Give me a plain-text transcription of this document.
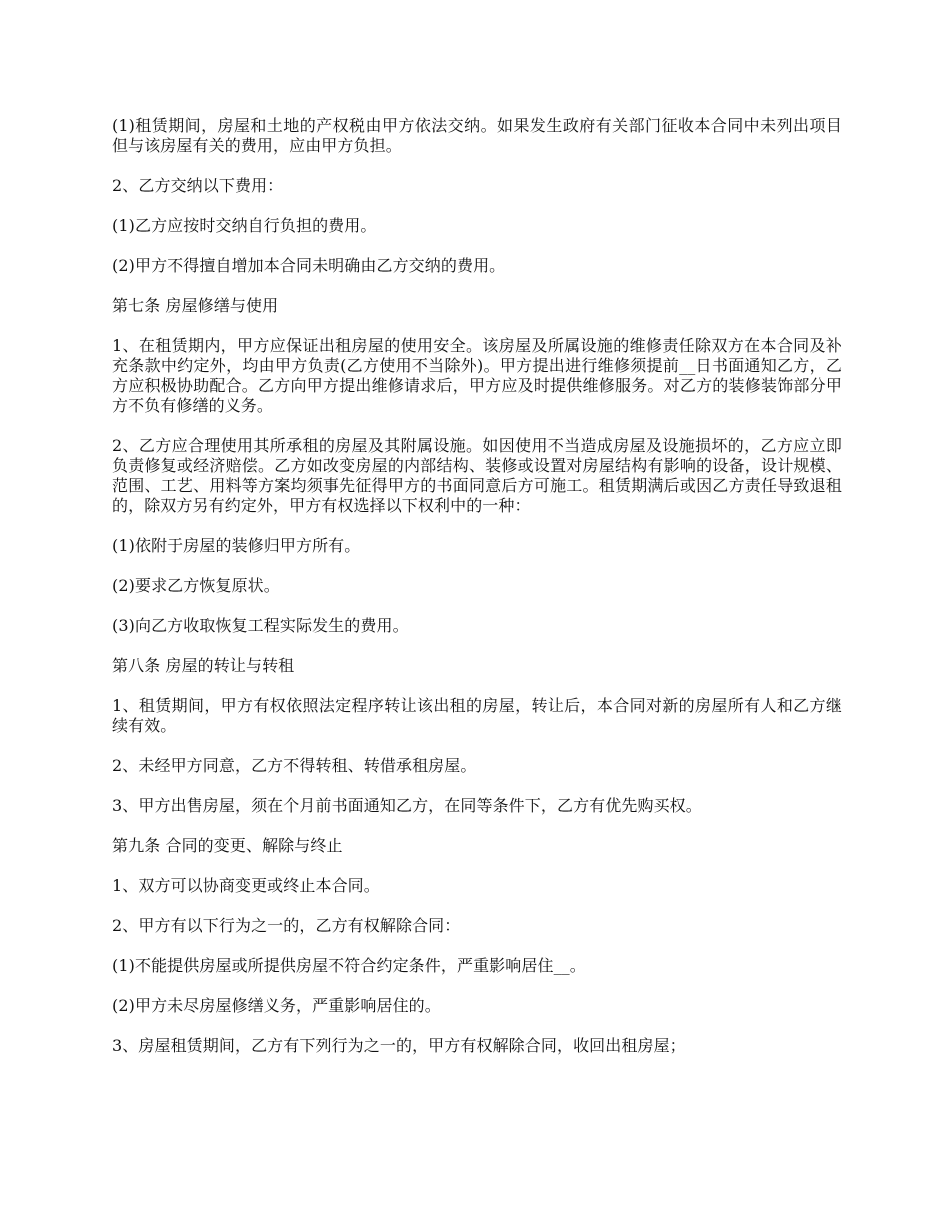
(1)租赁期间，房屋和土地的产权税由甲方依法交纳。如果发生政府有关部门征收本合同中未列出项目但与该房屋有关的费用，应由甲方负担。

2、乙方交纳以下费用：

(1)乙方应按时交纳自行负担的费用。

(2)甲方不得擅自增加本合同未明确由乙方交纳的费用。

第七条 房屋修缮与使用

1、在租赁期内，甲方应保证出租房屋的使用安全。该房屋及所属设施的维修责任除双方在本合同及补充条款中约定外，均由甲方负责(乙方使用不当除外)。甲方提出进行维修须提前__日书面通知乙方，乙方应积极协助配合。乙方向甲方提出维修请求后，甲方应及时提供维修服务。对乙方的装修装饰部分甲方不负有修缮的义务。

2、乙方应合理使用其所承租的房屋及其附属设施。如因使用不当造成房屋及设施损坏的，乙方应立即负责修复或经济赔偿。乙方如改变房屋的内部结构、装修或设置对房屋结构有影响的设备，设计规模、范围、工艺、用料等方案均须事先征得甲方的书面同意后方可施工。租赁期满后或因乙方责任导致退租的，除双方另有约定外，甲方有权选择以下权利中的一种：

(1)依附于房屋的装修归甲方所有。

(2)要求乙方恢复原状。

(3)向乙方收取恢复工程实际发生的费用。

第八条 房屋的转让与转租

1、租赁期间，甲方有权依照法定程序转让该出租的房屋，转让后，本合同对新的房屋所有人和乙方继续有效。

2、未经甲方同意，乙方不得转租、转借承租房屋。

3、甲方出售房屋，须在个月前书面通知乙方，在同等条件下，乙方有优先购买权。

第九条 合同的变更、解除与终止

1、双方可以协商变更或终止本合同。

2、甲方有以下行为之一的，乙方有权解除合同：

(1)不能提供房屋或所提供房屋不符合约定条件，严重影响居住__。

(2)甲方未尽房屋修缮义务，严重影响居住的。

3、房屋租赁期间，乙方有下列行为之一的，甲方有权解除合同，收回出租房屋；
